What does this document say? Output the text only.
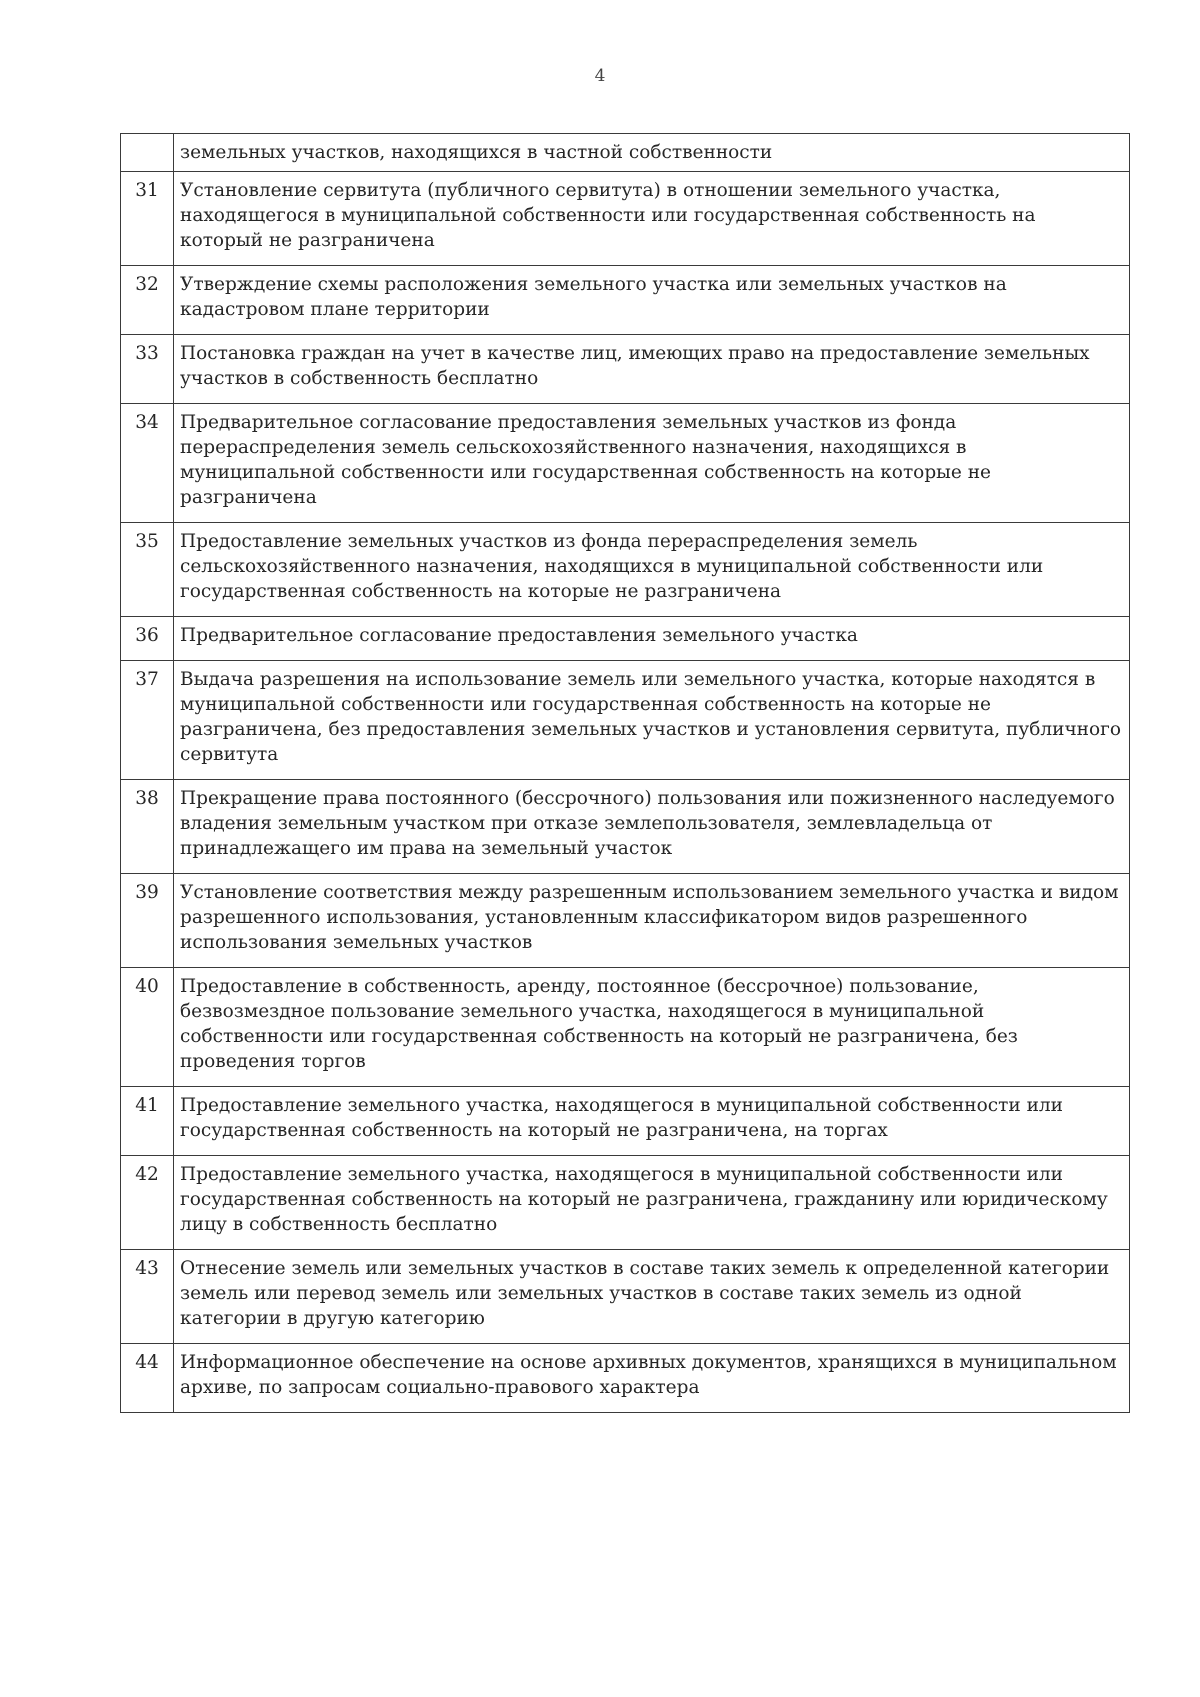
4
	земельных участков, находящихся в частной собственности
31	Установление сервитута (публичного сервитута) в отношении земельного участка, находящегося в муниципальной собственности или государственная собственность на который не разграничена
32	Утверждение схемы расположения земельного участка или земельных участков на кадастровом плане территории
33	Постановка граждан на учет в качестве лиц, имеющих право на предоставление земельных участков в собственность бесплатно
34	Предварительное согласование предоставления земельных участков из фонда перераспределения земель сельскохозяйственного назначения, находящихся в муниципальной собственности или государственная собственность на которые не разграничена
35	Предоставление земельных участков из фонда перераспределения земель сельскохозяйственного назначения, находящихся в муниципальной собственности или государственная собственность на которые не разграничена
36	Предварительное согласование предоставления земельного участка
37	Выдача разрешения на использование земель или земельного участка, которые находятся в муниципальной собственности или государственная собственность на которые не разграничена, без предоставления земельных участков и установления сервитута, публичного сервитута
38	Прекращение права постоянного (бессрочного) пользования или пожизненного наследуемого владения земельным участком при отказе землепользователя, землевладельца от принадлежащего им права на земельный участок
39	Установление соответствия между разрешенным использованием земельного участка и видом разрешенного использования, установленным классификатором видов разрешенного использования земельных участков
40	Предоставление в собственность, аренду, постоянное (бессрочное) пользование, безвозмездное пользование земельного участка, находящегося в муниципальной собственности или государственная собственность на который не разграничена, без проведения торгов
41	Предоставление земельного участка, находящегося в муниципальной собственности или государственная собственность на который не разграничена, на торгах
42	Предоставление земельного участка, находящегося в муниципальной собственности или государственная собственность на который не разграничена, гражданину или юридическому лицу в собственность бесплатно
43	Отнесение земель или земельных участков в составе таких земель к определенной категории земель или перевод земель или земельных участков в составе таких земель из одной категории в другую категорию
44	Информационное обеспечение на основе архивных документов, хранящихся в муниципальном архиве, по запросам социально-правового характера
